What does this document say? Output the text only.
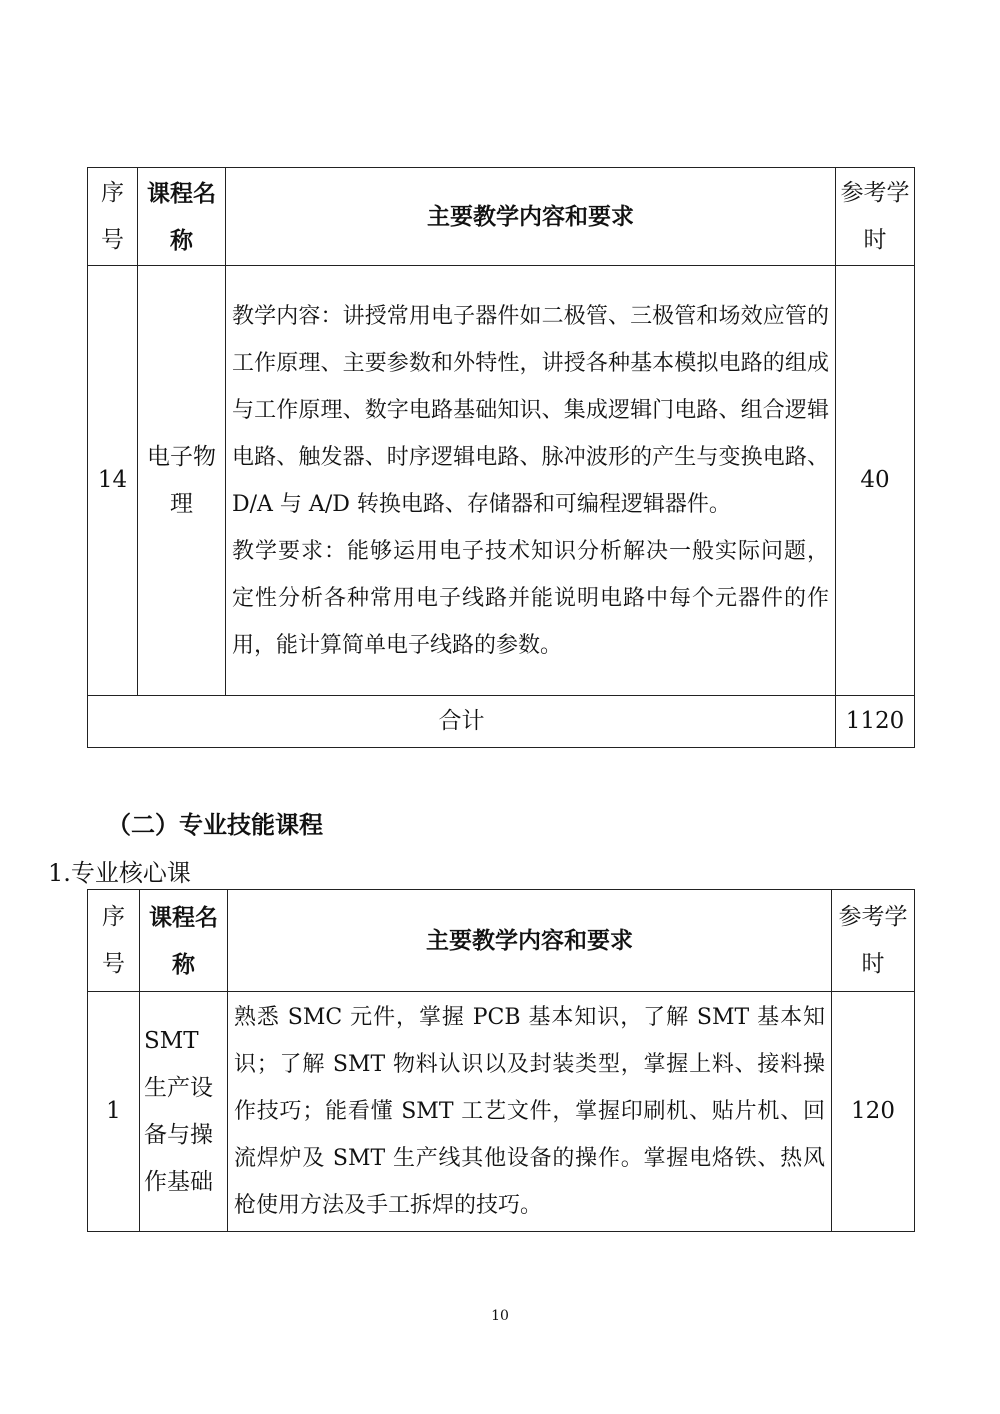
序号	课程名称	主要教学内容和要求	参考学时
14	电子物理	教学内容：讲授常用电子器件如二极管、三极管和场效应管的工作原理、主要参数和外特性，讲授各种基本模拟电路的组成与工作原理、数字电路基础知识、集成逻辑门电路、组合逻辑电路、触发器、时序逻辑电路、脉冲波形的产生与变换电路、D/A 与 A/D 转换电路、存储器和可编程逻辑器件。
教学要求：能够运用电子技术知识分析解决一般实际问题， 定性分析各种常用电子线路并能说明电路中每个元器件的作用，能计算简单电子线路的参数。	40
合计			1120
（二）专业技能课程
1.专业核心课
序号	课程名称	主要教学内容和要求	参考学时
1	SMT 生产设备与操作基础	熟悉 SMC 元件，掌握 PCB 基本知识，了解 SMT 基本知识；了解 SMT 物料认识以及封装类型，掌握上料、接料操作技巧；能看懂 SMT 工艺文件，掌握印刷机、贴片机、回流焊炉及 SMT 生产线其他设备的操作。掌握电烙铁、热风枪使用方法及手工拆焊的技巧。	120
10
